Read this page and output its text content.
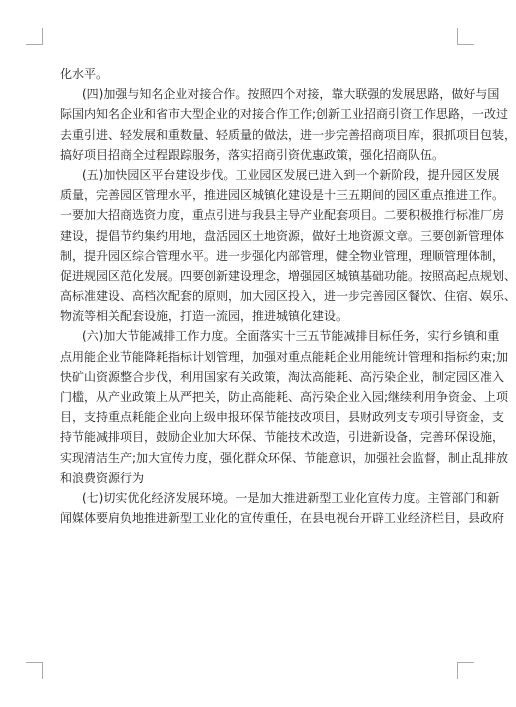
化水平。
(四)加强与知名企业对接合作。按照四个对接，靠大联强的发展思路，做好与国
际国内知名企业和省市大型企业的对接合作工作;创新工业招商引资工作思路，一改过
去重引进、轻发展和重数量、轻质量的做法，进一步完善招商项目库，狠抓项目包装，
搞好项目招商全过程跟踪服务，落实招商引资优惠政策，强化招商队伍。
(五)加快园区平台建设步伐。工业园区发展已进入到一个新阶段，提升园区发展
质量，完善园区管理水平，推进园区城镇化建设是十三五期间的园区重点推进工作。
一要加大招商选资力度，重点引进与我县主导产业配套项目。二要积极推行标准厂房
建设，提倡节约集约用地，盘活园区土地资源，做好土地资源文章。三要创新管理体
制，提升园区综合管理水平。进一步强化内部管理，健全物业管理，理顺管理体制，
促进规园区范化发展。四要创新建设理念，增强园区城镇基础功能。按照高起点规划、
高标准建设、高档次配套的原则，加大园区投入，进一步完善园区餐饮、住宿、娱乐、
物流等相关配套设施，打造一流园，推进城镇化建设。
(六)加大节能减排工作力度。全面落实十三五节能减排目标任务，实行乡镇和重
点用能企业节能降耗指标计划管理，加强对重点能耗企业用能统计管理和指标约束;加
快矿山资源整合步伐，利用国家有关政策，淘汰高能耗、高污染企业，制定园区准入
门槛，从产业政策上从严把关，防止高能耗、高污染企业入园;继续利用争资金、上项
目，支持重点耗能企业向上级申报环保节能技改项目，县财政列支专项引导资金，支
持节能减排项目，鼓励企业加大环保、节能技术改造，引进新设备，完善环保设施，
实现清洁生产;加大宣传力度，强化群众环保、节能意识，加强社会监督，制止乱排放
和浪费资源行为
(七)切实优化经济发展环境。一是加大推进新型工业化宣传力度。主管部门和新
闻媒体要肩负地推进新型工业化的宣传重任，在县电视台开辟工业经济栏目，县政府
